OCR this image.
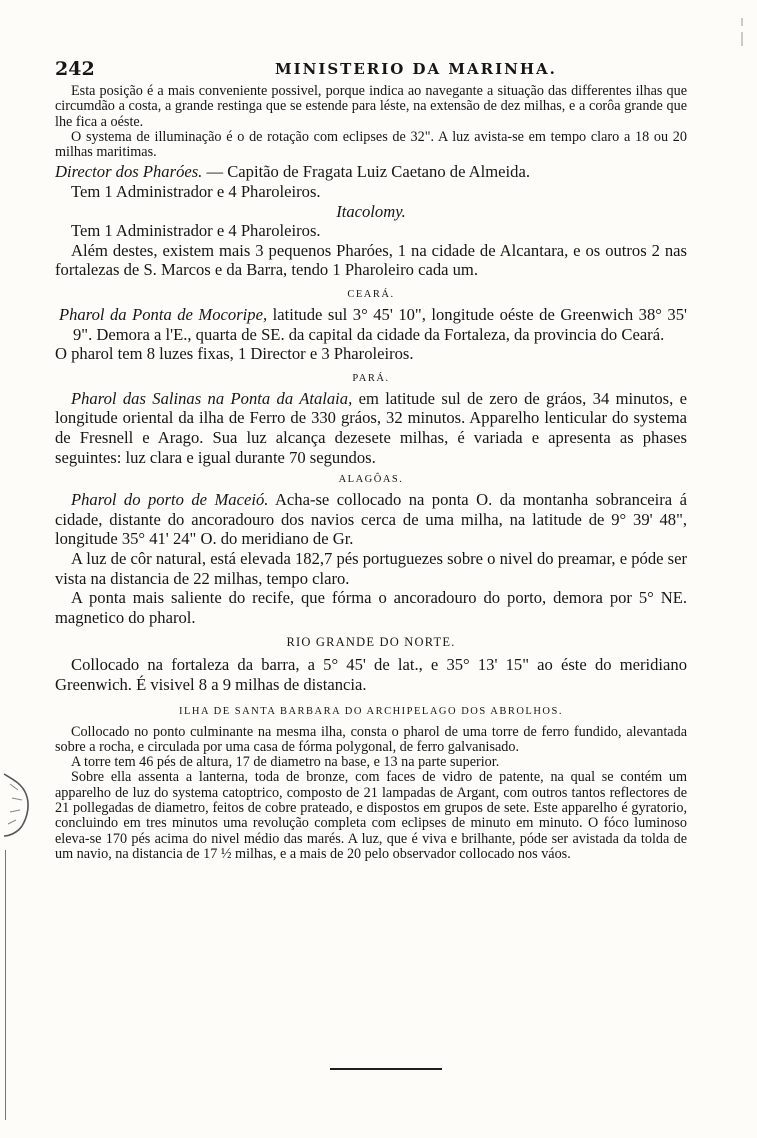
242	MINISTERIO DA MARINHA.

Esta posição é a mais conveniente possivel, porque indica ao navegante a situação das differentes ilhas que circumdão a costa, a grande restinga que se estende para léste, na extensão de dez milhas, e a corôa grande que lhe fica a oéste.

O systema de illuminação é o de rotação com eclipses de 32". A luz avista-se em tempo claro a 18 ou 20 milhas maritimas.

Director dos Pharóes. — Capitão de Fragata Luiz Caetano de Almeida.

Tem 1 Administrador e 4 Pharoleiros.

Itacolomy.

Tem 1 Administrador e 4 Pharoleiros.

Além destes, existem mais 3 pequenos Pharóes, 1 na cidade de Alcantara, e os outros 2 nas fortalezas de S. Marcos e da Barra, tendo 1 Pharoleiro cada um.

CEARÁ.

Pharol da Ponta de Mocoripe, latitude sul 3° 45' 10", longitude oéste de Greenwich 38° 35' 9". Demora a l'E., quarta de SE. da capital da cidade da Fortaleza, da provincia do Ceará.

O pharol tem 8 luzes fixas, 1 Director e 3 Pharoleiros.

PARÁ.

Pharol das Salinas na Ponta da Atalaia, em latitude sul de zero de gráos, 34 minutos, e longitude oriental da ilha de Ferro de 330 gráos, 32 minutos. Apparelho lenticular do systema de Fresnell e Arago. Sua luz alcança dezesete milhas, é variada e apresenta as phases seguintes: luz clara e igual durante 70 segundos.

ALAGÔAS.

Pharol do porto de Maceió. Acha-se collocado na ponta O. da montanha sobranceira á cidade, distante do ancoradouro dos navios cerca de uma milha, na latitude de 9° 39' 48", longitude 35° 41' 24" O. do meridiano de Gr.

A luz de côr natural, está elevada 182,7 pés portuguezes sobre o nivel do preamar, e póde ser vista na distancia de 22 milhas, tempo claro.

A ponta mais saliente do recife, que fórma o ancoradouro do porto, demora por 5° NE. magnetico do pharol.

RIO GRANDE DO NORTE.

Collocado na fortaleza da barra, a 5° 45' de lat., e 35° 13' 15" ao éste do meridiano Greenwich. É visivel 8 a 9 milhas de distancia.

ILHA DE SANTA BARBARA DO ARCHIPELAGO DOS ABROLHOS.

Collocado no ponto culminante na mesma ilha, consta o pharol de uma torre de ferro fundido, alevantada sobre a rocha, e circulada por uma casa de fórma polygonal, de ferro galvanisado.

A torre tem 46 pés de altura, 17 de diametro na base, e 13 na parte superior.

Sobre ella assenta a lanterna, toda de bronze, com faces de vidro de patente, na qual se contém um apparelho de luz do systema catoptrico, composto de 21 lampadas de Argant, com outros tantos reflectores de 21 pollegadas de diametro, feitos de cobre prateado, e dispostos em grupos de sete. Este apparelho é gyratorio, concluindo em tres minutos uma revolução completa com eclipses de minuto em minuto. O fóco luminoso eleva-se 170 pés acima do nivel médio das marés. A luz, que é viva e brilhante, póde ser avistada da tolda de um navio, na distancia de 17 ½ milhas, e a mais de 20 pelo observador collocado nos váos.
